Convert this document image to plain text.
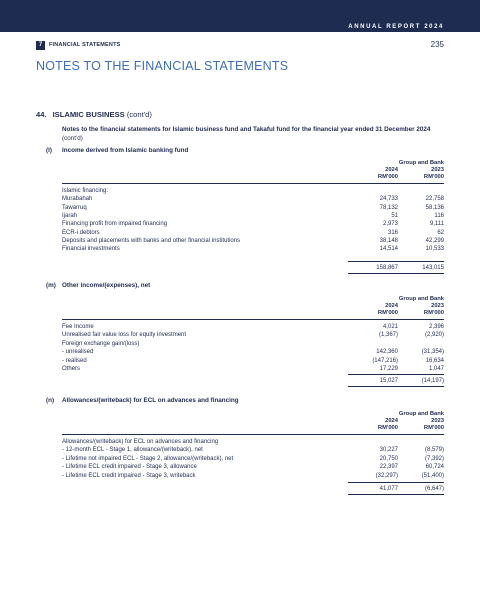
ANNUAL REPORT 2024
7	FINANCIAL STATEMENTS	235
NOTES TO THE FINANCIAL STATEMENTS
44. ISLAMIC BUSINESS (cont'd)
Notes to the financial statements for Islamic business fund and Takaful fund for the financial year ended 31 December 2024
(cont'd)
(l) Income derived from Islamic banking fund
Group and Bank
2024	2023
RM'000	RM'000
Islamic financing:
Murabahah	24,733	22,758
Tawarruq	78,132	58,136
Ijarah	51	116
Financing profit from impaired financing	2,973	9,111
ECR-i debtors	316	62
Deposits and placements with banks and other financial institutions	38,148	42,299
Financial investments	14,514	10,533
158,867	143,015
(m) Other income/(expenses), net
Group and Bank
2024	2023
RM'000	RM'000
Fee Income	4,021	2,396
Unrealised fair value loss for equity investment	(1,367)	(2,920)
Foreign exchange gain/(loss)
- unrealised	142,360	(31,354)
- realised	(147,216)	16,634
Others	17,229	1,047
15,027	(14,197)
(n) Allowances/(writeback) for ECL on advances and financing
Group and Bank
2024	2023
RM'000	RM'000
Allowances/(writeback) for ECL on advances and financing
- 12-month ECL - Stage 1, allowance/(writeback), net	30,227	(8,579)
- Lifetime not impaired ECL - Stage 2, allowance/(writeback), net	20,750	(7,392)
- Lifetime ECL credit impaired - Stage 3, allowance	22,397	60,724
- Lifetime ECL credit impaired - Stage 3, writeback	(32,297)	(51,400)
41,077	(6,647)
